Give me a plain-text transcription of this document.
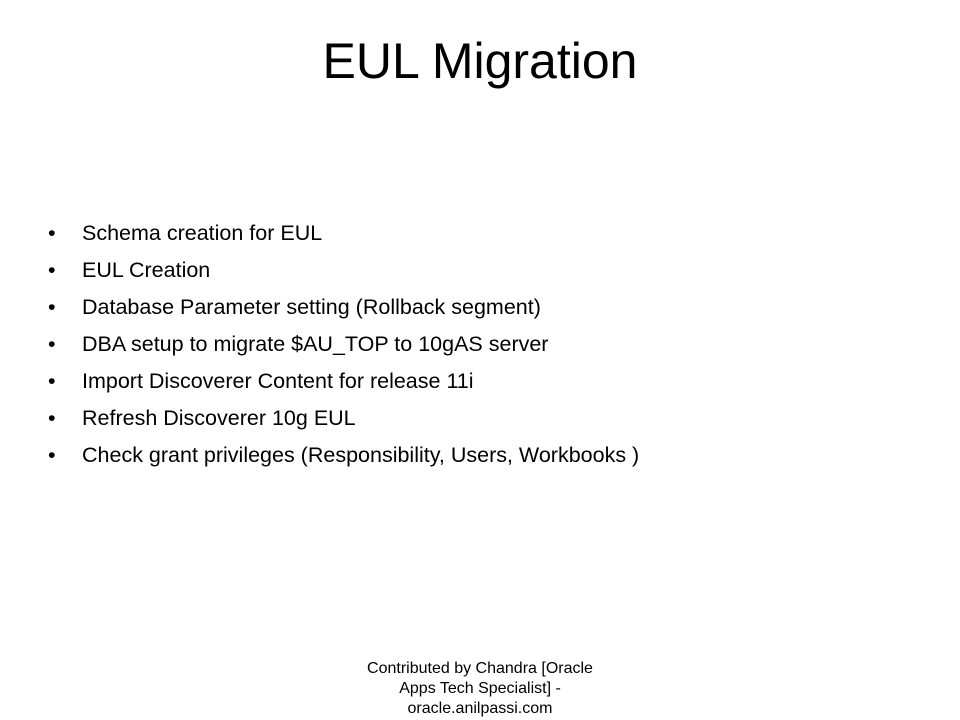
EUL Migration
•	Schema creation for EUL
•	EUL Creation
•	Database Parameter setting (Rollback segment)
•	DBA setup to migrate $AU_TOP to 10gAS server
•	Import Discoverer Content for release 11i
•	Refresh Discoverer 10g EUL
•	Check grant privileges (Responsibility, Users, Workbooks )
Contributed by Chandra [Oracle
Apps Tech Specialist] -
oracle.anilpassi.com
